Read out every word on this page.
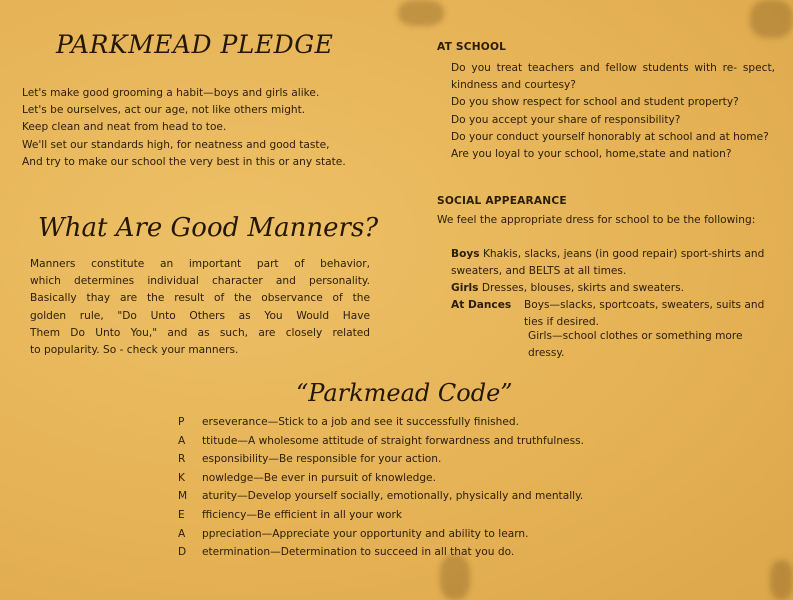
PARKMEAD PLEDGE
Let's make good grooming a habit—boys and girls alike.
Let's be ourselves, act our age, not like others might.
Keep clean and neat from head to toe.
We'll set our standards high, for neatness and good taste,
And try to make our school the very best in this or any state.
What Are Good Manners?
Manners constitute an important part of behavior,
which determines individual character and personality.
Basically thay are the result of the observance of the
golden rule, "Do Unto Others as You Would Have
Them Do Unto You," and as such, are closely related
to popularity. So - check your manners.
AT SCHOOL
Do you treat teachers and fellow students with re- spect, kindness and courtesy?
Do you show respect for school and student property?
Do you accept your share of responsibility?
Do your conduct yourself honorably at school and at home?
Are you loyal to your school, home,state and nation?
SOCIAL APPEARANCE
We feel the appropriate dress for school to be the following:
Boys Khakis, slacks, jeans (in good repair) sport-shirts and sweaters, and BELTS at all times.
Girls Dresses, blouses, skirts and sweaters.
At Dances Boys—slacks, sportcoats, sweaters, suits and ties if desired.
Girls—school clothes or something more dressy.
“Parkmead Code”
P	erseverance—Stick to a job and see it successfully finished.
A	ttitude—A wholesome attitude of straight forwardness and truthfulness.
R	esponsibility—Be responsible for your action.
K	nowledge—Be ever in pursuit of knowledge.
M	aturity—Develop yourself socially, emotionally, physically and mentally.
E	fficiency—Be efficient in all your work
A	ppreciation—Appreciate your opportunity and ability to learn.
D	etermination—Determination to succeed in all that you do.
